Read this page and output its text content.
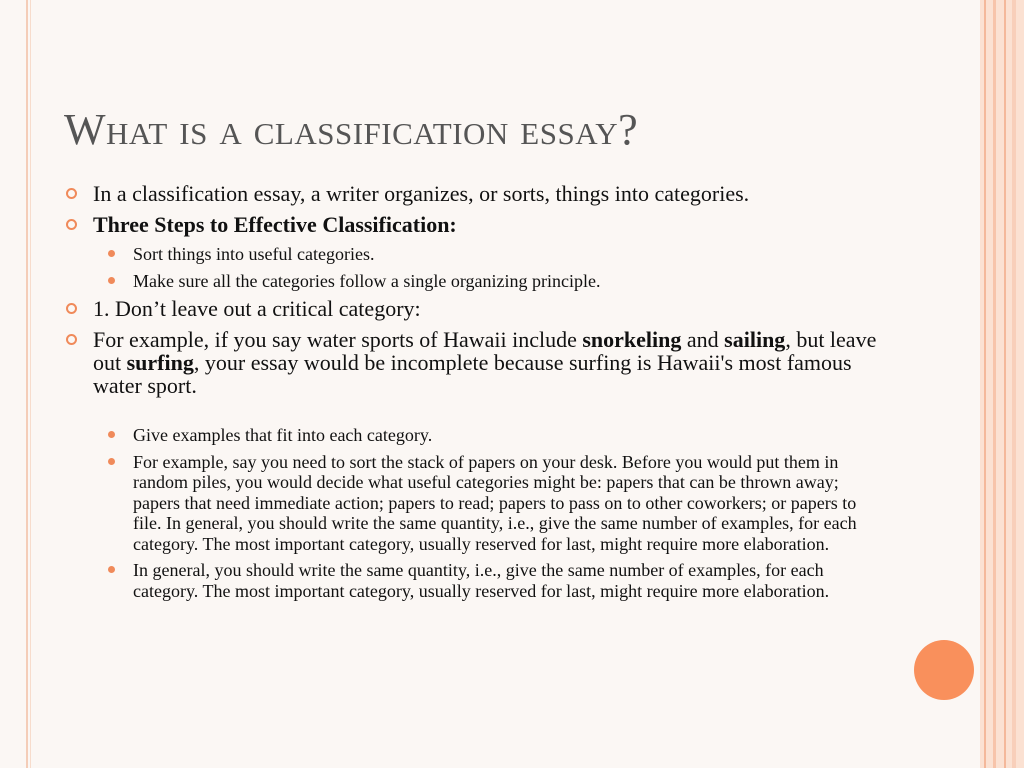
What is a classification essay?
In a classification essay, a writer organizes, or sorts, things into categories.
Three Steps to Effective Classification:
Sort things into useful categories.
Make sure all the categories follow a single organizing principle.
1. Don’t leave out a critical category:
For example, if you say water sports of Hawaii include snorkeling and sailing, but leave out surfing, your essay would be incomplete because surfing is Hawaii's most famous water sport.
Give examples that fit into each category.
For example, say you need to sort the stack of papers on your desk. Before you would put them in random piles, you would decide what useful categories might be: papers that can be thrown away; papers that need immediate action; papers to read; papers to pass on to other coworkers; or papers to file. In general, you should write the same quantity, i.e., give the same number of examples, for each category. The most important category, usually reserved for last, might require more elaboration.
In general, you should write the same quantity, i.e., give the same number of examples, for each category. The most important category, usually reserved for last, might require more elaboration.
